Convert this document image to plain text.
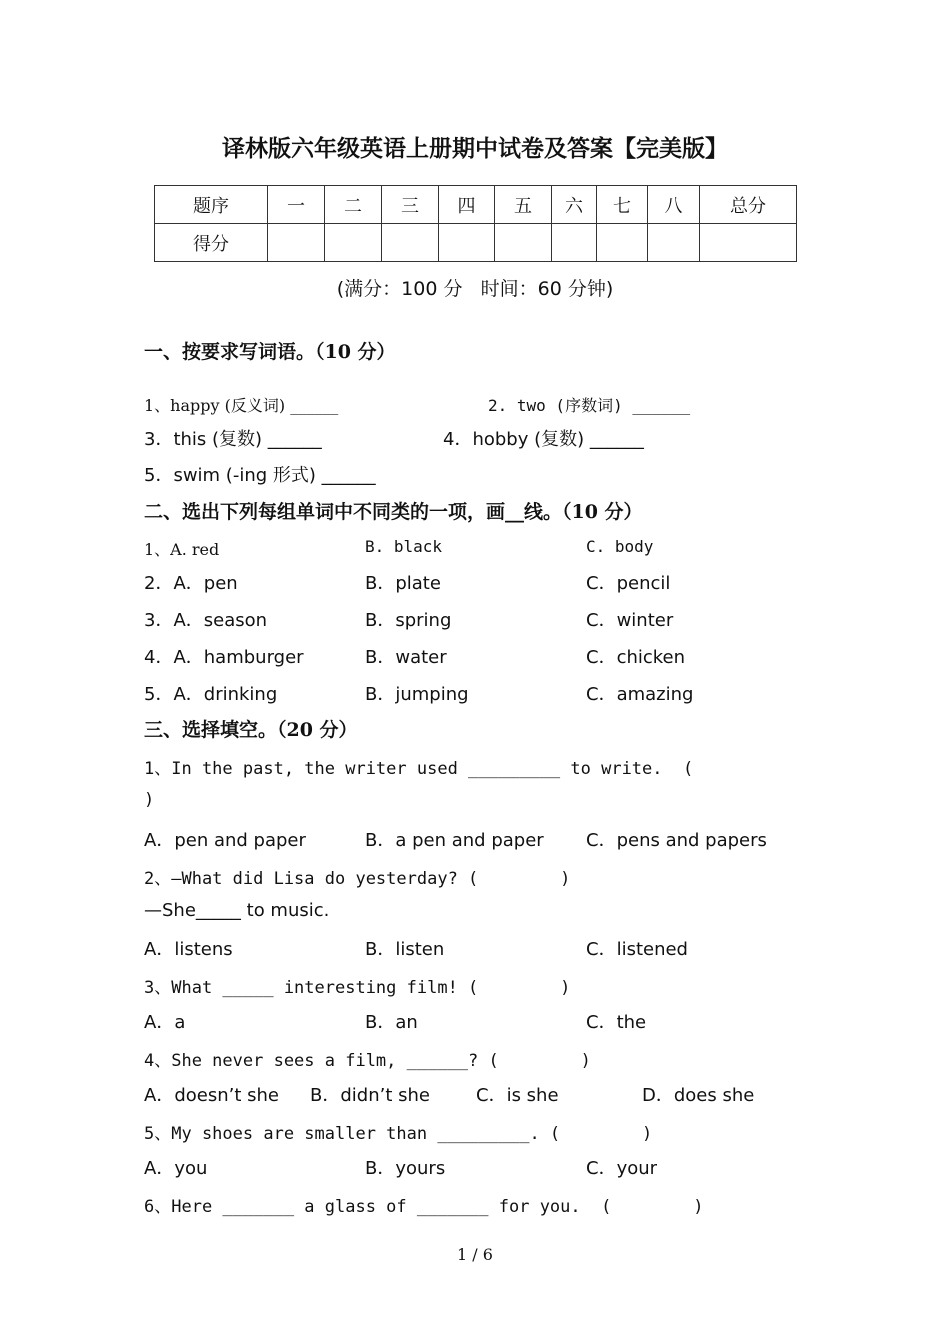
译林版六年级英语上册期中试卷及答案【完美版】
题序	一	二	三	四	五	六	七	八	总分
得分									
(满分：100 分   时间：60 分钟)
一、按要求写词语。（10 分）
1、happy (反义词) ______	2. two (序数词) ______
3．this (复数) ______	4．hobby (复数) ______
5．swim (-ing 形式) ______
二、选出下列每组单词中不同类的一项，画__线。（10 分）
1、A. red	B. black	C. body
2．A．pen	B．plate	C．pencil
3．A．season	B．spring	C．winter
4．A．hamburger	B．water	C．chicken
5．A．drinking	B．jumping	C．amazing
三、选择填空。（20 分）
1、In the past, the writer used _________ to write.  (
)
A．pen and paper	B．a pen and paper C．pens and papers
2、—What did Lisa do yesterday? (        )
—She_____ to music.
A．listens	B．listen	C．listened
3、What _____ interesting film! (        )
A．a	B．an	C．the
4、She never sees a film, ______? (        )
A．doesn’t she B．didn’t she	C．is she	D．does she
5、My shoes are smaller than _________. (        )
A．you	B．yours	C．your
6、Here _______ a glass of _______ for you.  (        )
1 / 6
